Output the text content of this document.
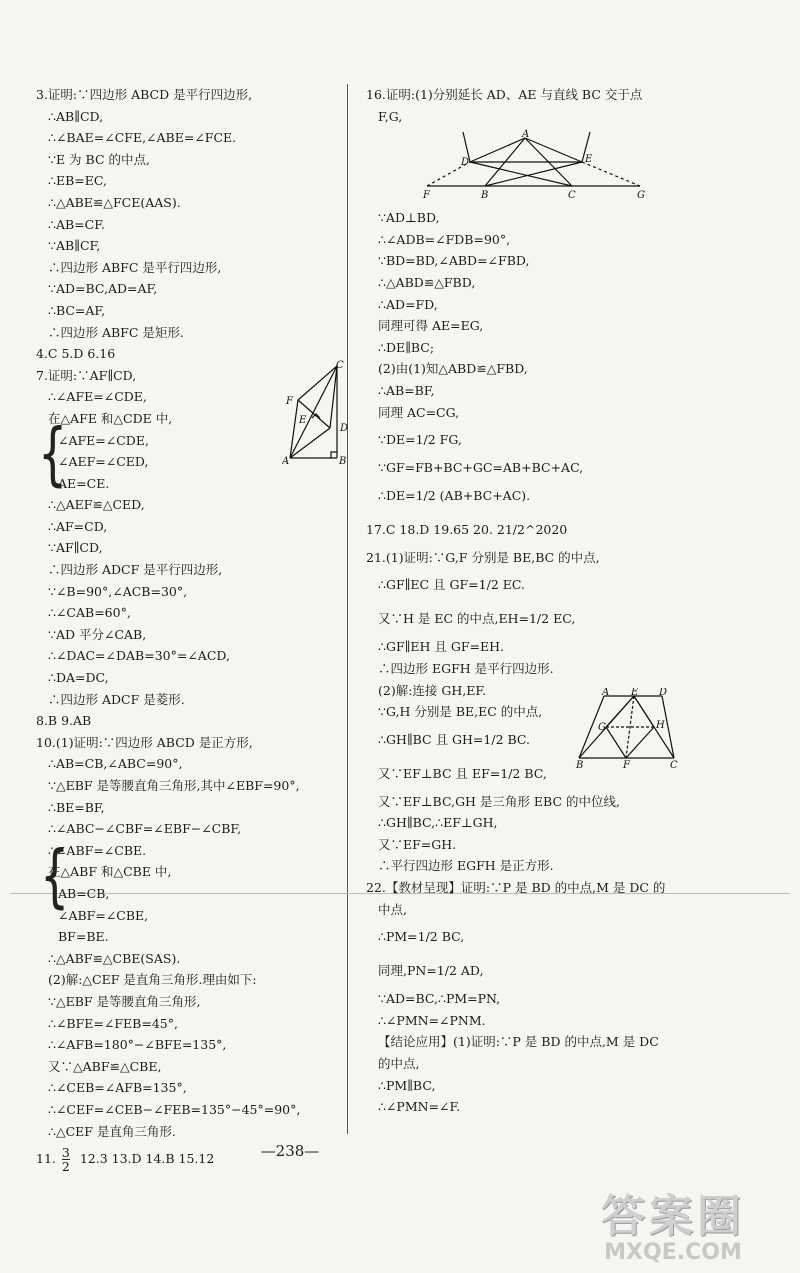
3.证明:∵四边形 ABCD 是平行四边形,
∴AB∥CD,
∴∠BAE=∠CFE,∠ABE=∠FCE.
∵E 为 BC 的中点,
∴EB=EC,
∴△ABE≌△FCE(AAS).
∴AB=CF.
∵AB∥CF,
∴四边形 ABFC 是平行四边形,
∵AD=BC,AD=AF,
∴BC=AF,
∴四边形 ABFC 是矩形.
4.C 5.D 6.16
7.证明:∵AF∥CD,
∴∠AFE=∠CDE,
在△AFE 和△CDE 中,
∠AFE=∠CDE,
∠AEF=∠CED,
AE=CE.
∴△AEF≌△CED,
∴AF=CD,
∵AF∥CD,
∴四边形 ADCF 是平行四边形,
∵∠B=90°,∠ACB=30°,
∴∠CAB=60°,
∵AD 平分∠CAB,
∴∠DAC=∠DAB=30°=∠ACD,
∴DA=DC,
∴四边形 ADCF 是菱形.
8.B 9.AB
10.(1)证明:∵四边形 ABCD 是正方形,
∴AB=CB,∠ABC=90°,
∵△EBF 是等腰直角三角形,其中∠EBF=90°,
∴BE=BF,
∴∠ABC−∠CBF=∠EBF−∠CBF,
∴∠ABF=∠CBE.
在△ABF 和△CBE 中,
AB=CB,
∠ABF=∠CBE,
BF=BE.
∴△ABF≌△CBE(SAS).
(2)解:△CEF 是直角三角形.理由如下:
∵△EBF 是等腰直角三角形,
∴∠BFE=∠FEB=45°,
∴∠AFB=180°−∠BFE=135°,
又∵△ABF≌△CBE,
∴∠CEB=∠AFB=135°,
∴∠CEF=∠CEB−∠FEB=135°−45°=90°,
∴△CEF 是直角三角形.
11. $\frac{3}{2} 12.3$ 13.D 14.B 15.12
{
{
C
F
E
D
A	B
16.证明:(1)分别延长 AD、AE 与直线 BC 交于点
F,G,
∵AD⊥BD,
∴∠ADB=∠FDB=90°,
∵BD=BD,∠ABD=∠FBD,
∴△ABD≌△FBD,
∴AD=FD,
同理可得 AE=EG,
∴DE∥BC;
(2)由(1)知△ABD≌△FBD,
∴AB=BF,
同理 AC=CG,
∵DE=1/2 FG,
∵GF=FB+BC+GC=AB+BC+AC,
∴DE=1/2 (AB+BC+AC).
17.C 18.D 19.65 20. 21/2^2020
21.(1)证明:∵G,F 分别是 BE,BC 的中点,
∴GF∥EC 且 GF=1/2 EC.
又∵H 是 EC 的中点,EH=1/2 EC,
∴GF∥EH 且 GF=EH.
∴四边形 EGFH 是平行四边形.
(2)解:连接 GH,EF.
∵G,H 分别是 BE,EC 的中点,
∴GH∥BC 且 GH=1/2 BC.
又∵EF⊥BC 且 EF=1/2 BC,
又∵EF⊥BC,GH 是三角形 EBC 的中位线,
∴GH∥BC,∴EF⊥GH,
又∵EF=GH.
∴平行四边形 EGFH 是正方形.
22.【教材呈现】证明:∵P 是 BD 的中点,M 是 DC 的
中点,
∴PM=1/2 BC,
同理,PN=1/2 AD,
∵AD=BC,∴PM=PN,
∴∠PMN=∠PNM.
【结论应用】(1)证明:∵P 是 BD 的中点,M 是 DC
的中点,
∴PM∥BC,
∴∠PMN=∠F.
A
D	E
F	B	C	G
A E D
G	H
B	F	C
—238—
答案圈
MXQE.COM
